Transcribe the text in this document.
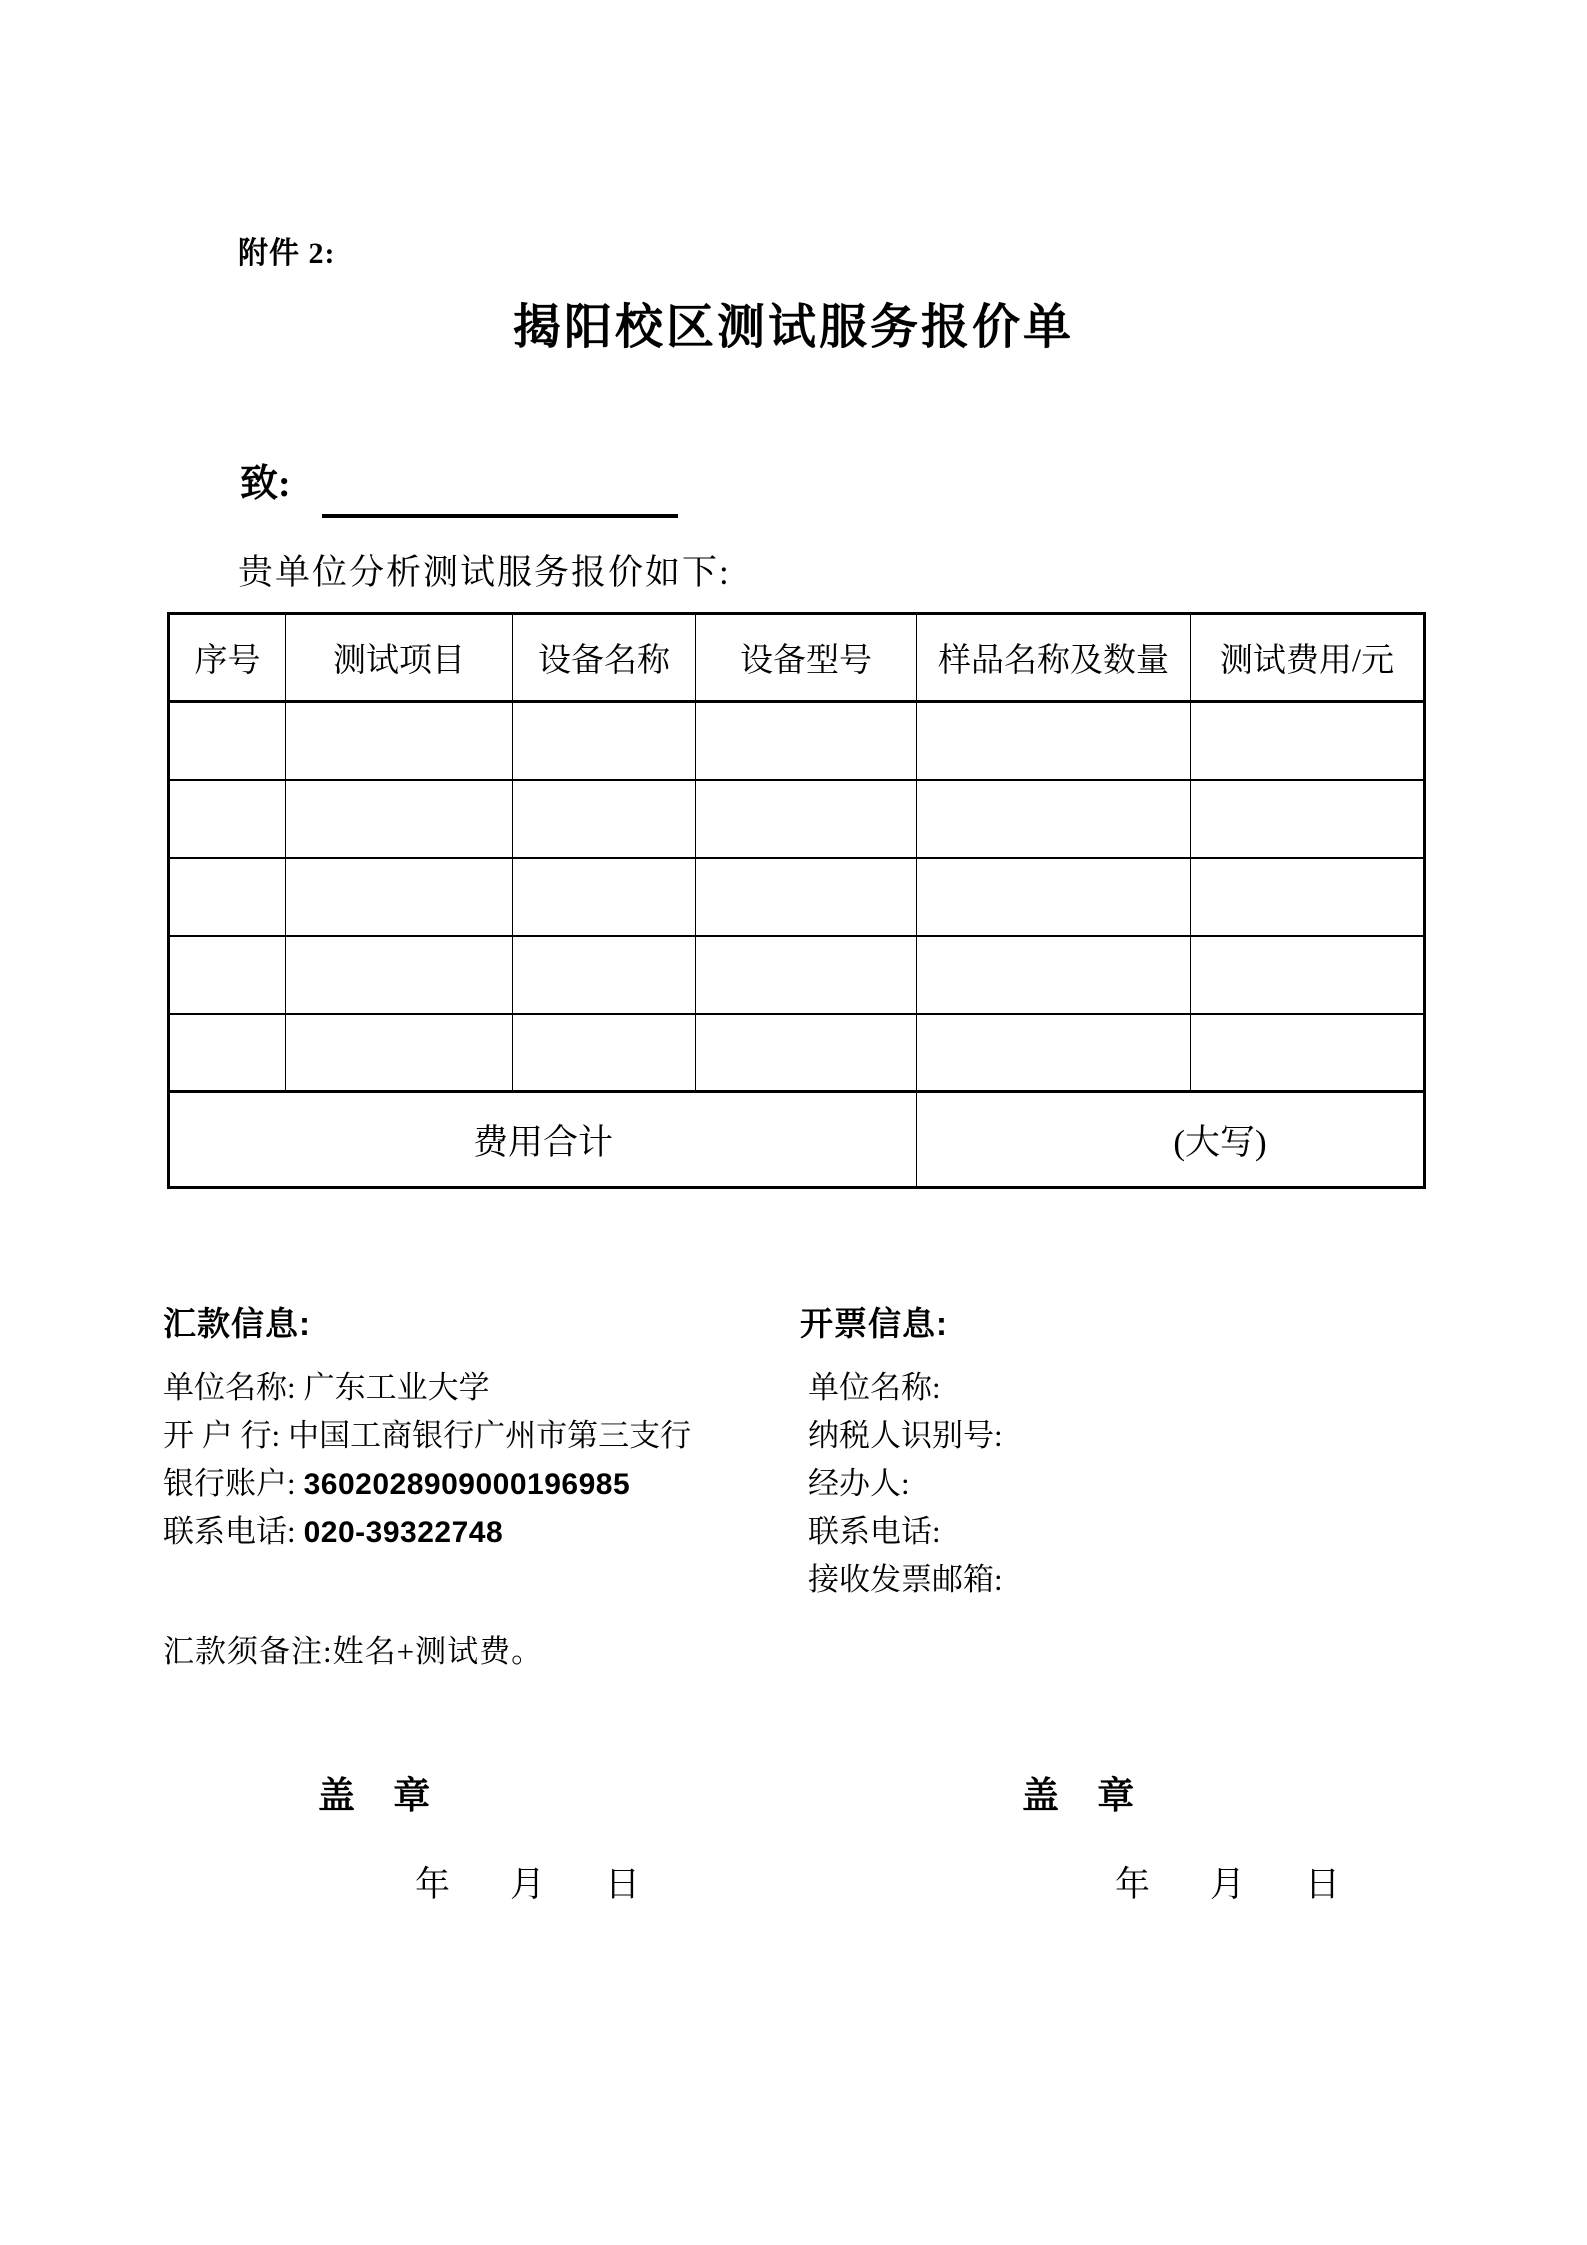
附件 2:
揭阳校区测试服务报价单
致:
贵单位分析测试服务报价如下:
序号	测试项目	设备名称	设备型号	样品名称及数量	测试费用/元

费用合计				(大写)	
汇款信息:
单位名称: 广东工业大学
开 户 行: 中国工商银行广州市第三支行
银行账户: 3602028909000196985
联系电话: 020-39322748
开票信息:
单位名称:
纳税人识别号:
经办人:
联系电话:
接收发票邮箱:
汇款须备注:姓名+测试费。
盖 章
年 月 日
盖 章
年 月 日
